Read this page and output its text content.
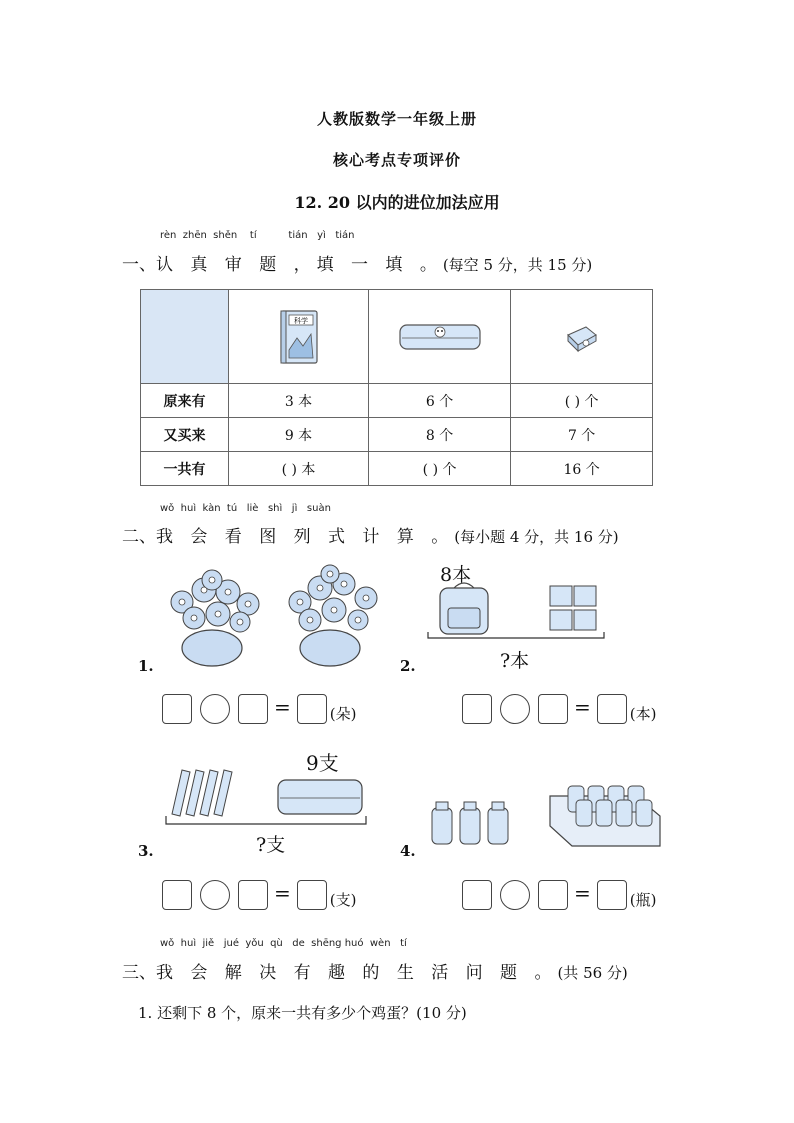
人教版数学一年级上册
核心考点专项评价
12. 20 以内的进位加法应用
rèn  zhēn  shěn    tí          tián   yì   tián
一、认 真 审 题 ，填 一 填 。(每空 5 分，共 15 分)

科学

原来有	3 本	6 个	( ) 个
又买来	9 本	8 个	7 个
一共有	( ) 本	( ) 个	16 个
wǒ  huì  kàn  tú   liè   shì   jì   suàn
二、我 会 看 图 列 式 计 算 。(每小题 4 分，共 16 分)
1.
=	(朵)
8本
?本
2.
=	(本)
9支
?支
3.
=	(支)
4.
=	(瓶)
wǒ  huì  jiě   jué  yǒu  qù   de  shēng huó  wèn   tí
三、我 会 解 决 有 趣 的 生 活 问 题 。(共 56 分)
1. 还剩下 8 个，原来一共有多少个鸡蛋？(10 分)
